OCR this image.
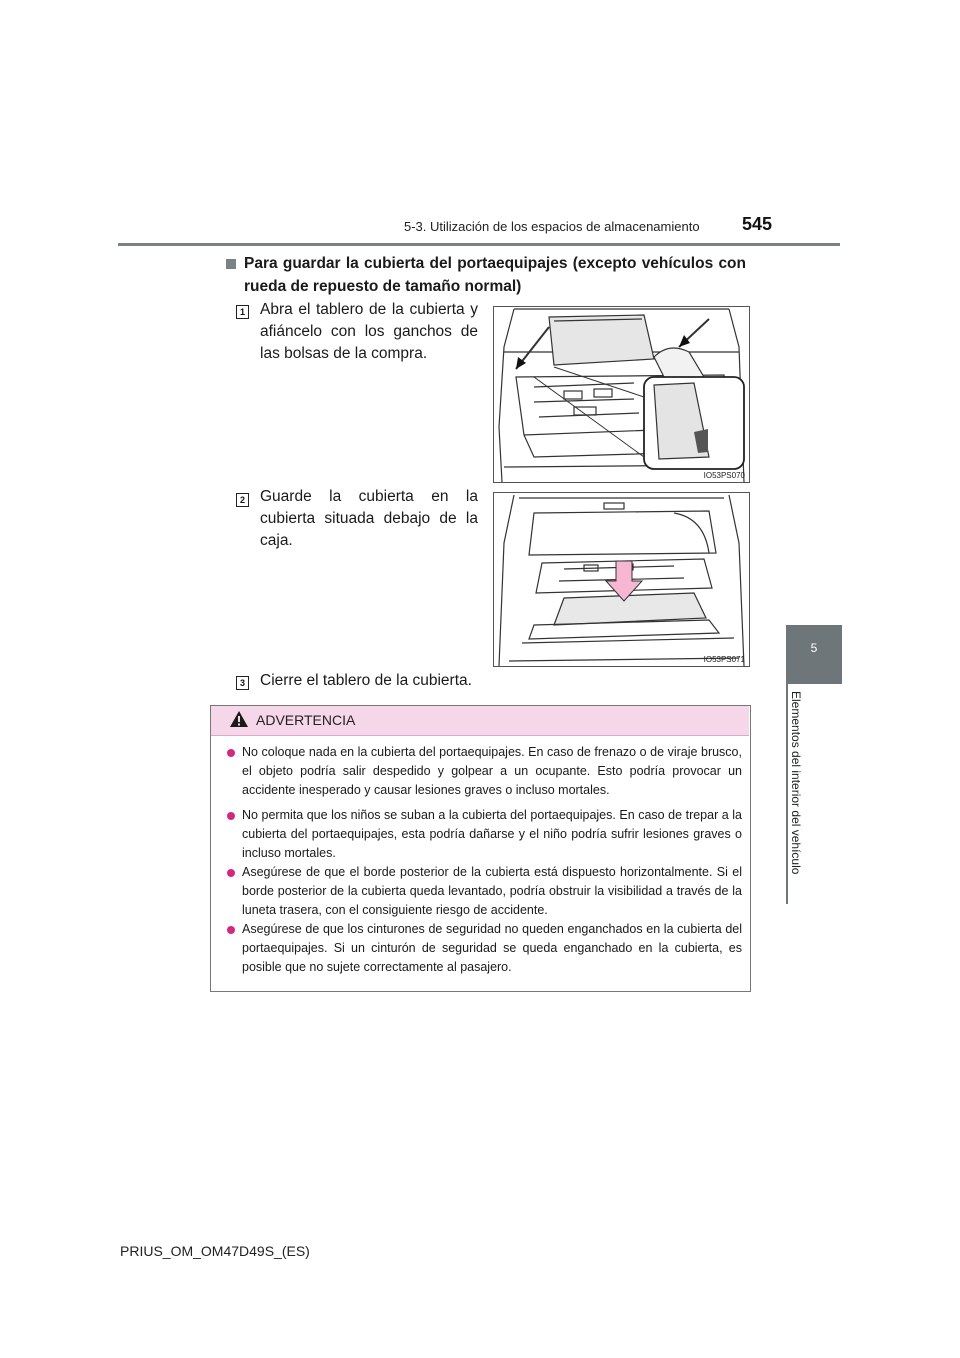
5-3. Utilización de los espacios de almacenamiento 545
5
Elementos del interior del vehículo
Para guardar la cubierta del portaequipajes (excepto vehículos con rueda de repuesto de tamaño normal)
1 Abra el tablero de la cubierta y afiáncelo con los ganchos de las bolsas de la compra.
IO53PS070
2 Guarde la cubierta en la cubierta situada debajo de la caja.
IO53PS071
3 Cierre el tablero de la cubierta.
ADVERTENCIA
No coloque nada en la cubierta del portaequipajes. En caso de frenazo o de viraje brusco, el objeto podría salir despedido y golpear a un ocupante. Esto podría provocar un accidente inesperado y causar lesiones graves o incluso mortales.
No permita que los niños se suban a la cubierta del portaequipajes. En caso de trepar a la cubierta del portaequipajes, esta podría dañarse y el niño podría sufrir lesiones graves o incluso mortales.
Asegúrese de que el borde posterior de la cubierta está dispuesto horizontalmente. Si el borde posterior de la cubierta queda levantado, podría obstruir la visibilidad a través de la luneta trasera, con el consiguiente riesgo de accidente.
Asegúrese de que los cinturones de seguridad no queden enganchados en la cubierta del portaequipajes. Si un cinturón de seguridad se queda enganchado en la cubierta, es posible que no sujete correctamente al pasajero.
PRIUS_OM_OM47D49S_(ES)
